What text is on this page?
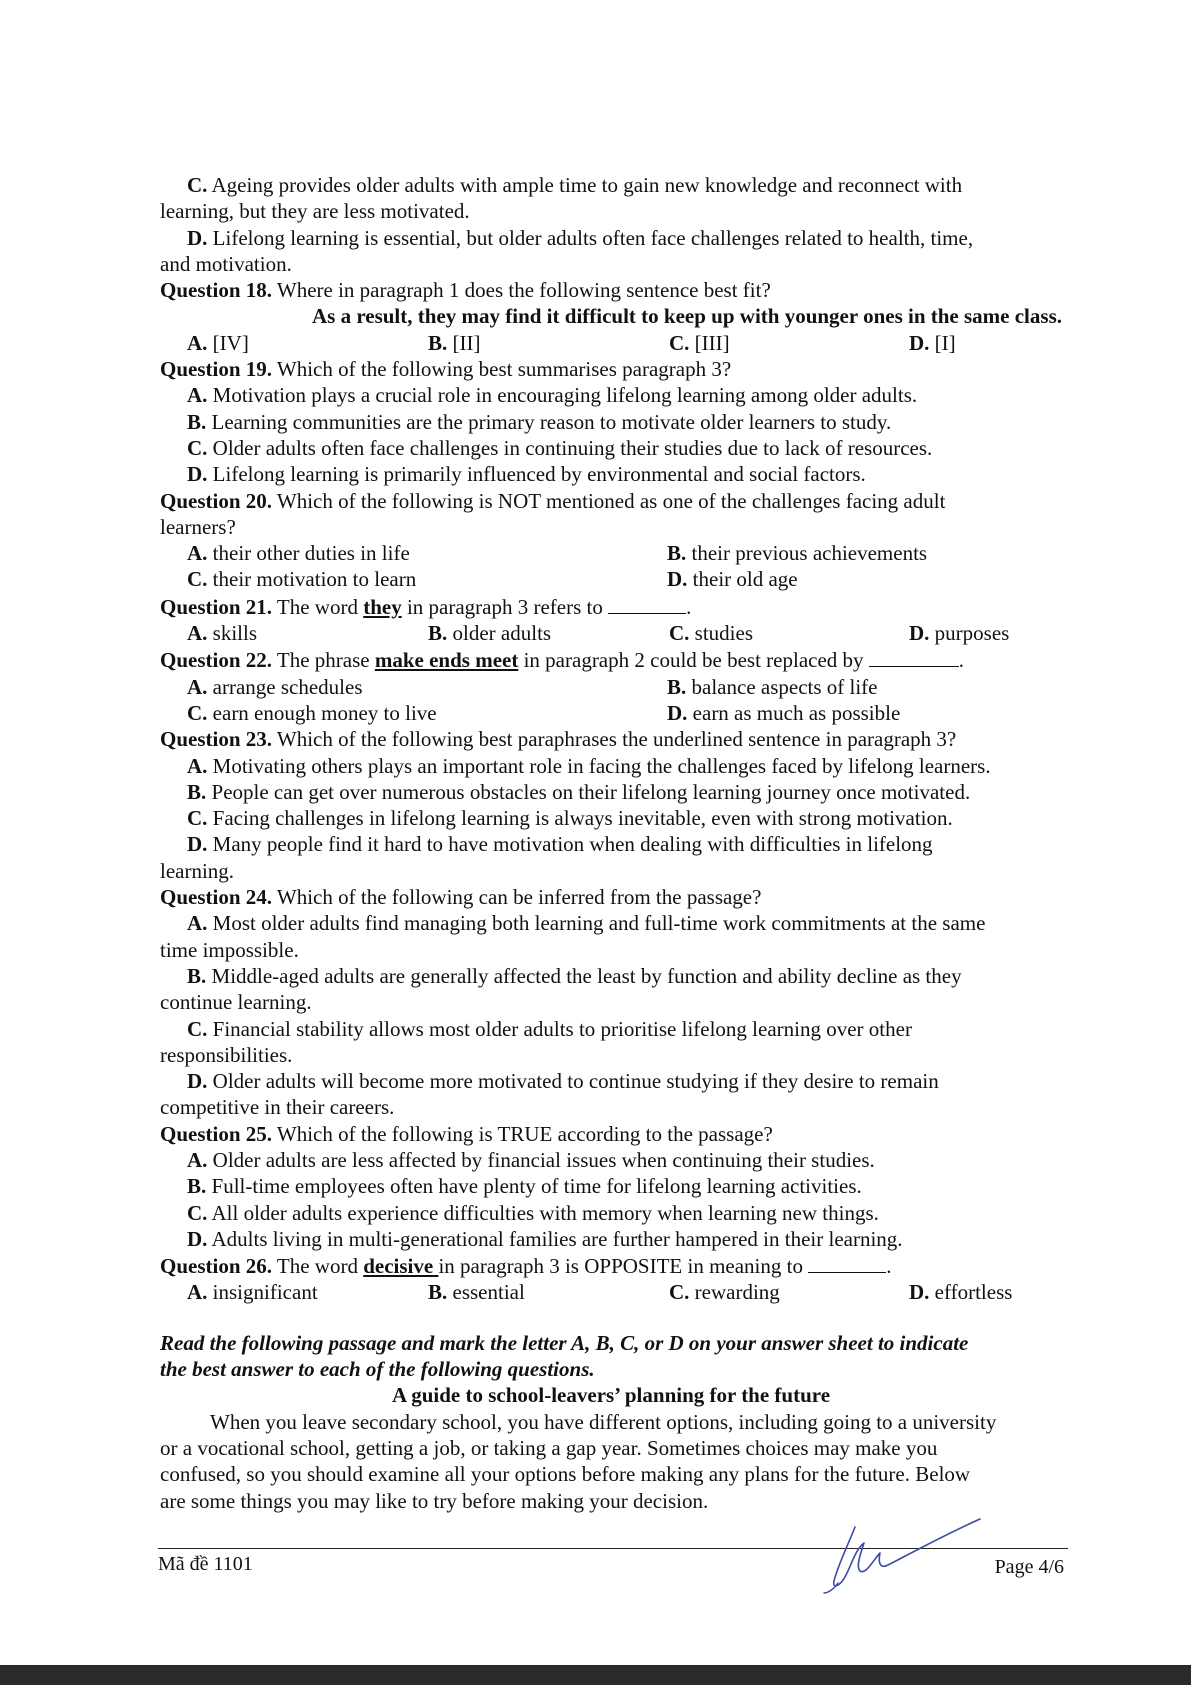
C. Ageing provides older adults with ample time to gain new knowledge and reconnect with
learning, but they are less motivated.
D. Lifelong learning is essential, but older adults often face challenges related to health, time,
and motivation.
Question 18. Where in paragraph 1 does the following sentence best fit?
As a result, they may find it difficult to keep up with younger ones in the same class.
A. [IV]	B. [II]	C. [III]	D. [I]
Question 19. Which of the following best summarises paragraph 3?
A. Motivation plays a crucial role in encouraging lifelong learning among older adults.
B. Learning communities are the primary reason to motivate older learners to study.
C. Older adults often face challenges in continuing their studies due to lack of resources.
D. Lifelong learning is primarily influenced by environmental and social factors.
Question 20. Which of the following is NOT mentioned as one of the challenges facing adult
learners?
A. their other duties in life	B. their previous achievements
C. their motivation to learn	D. their old age
Question 21. The word they in paragraph 3 refers to	.
A. skills	B. older adults	C. studies	D. purposes
Question 22. The phrase make ends meet in paragraph 2 could be best replaced by	.
A. arrange schedules	B. balance aspects of life
C. earn enough money to live	D. earn as much as possible
Question 23. Which of the following best paraphrases the underlined sentence in paragraph 3?
A. Motivating others plays an important role in facing the challenges faced by lifelong learners.
B. People can get over numerous obstacles on their lifelong learning journey once motivated.
C. Facing challenges in lifelong learning is always inevitable, even with strong motivation.
D. Many people find it hard to have motivation when dealing with difficulties in lifelong
learning.
Question 24. Which of the following can be inferred from the passage?
A. Most older adults find managing both learning and full-time work commitments at the same
time impossible.
B. Middle-aged adults are generally affected the least by function and ability decline as they
continue learning.
C. Financial stability allows most older adults to prioritise lifelong learning over other
responsibilities.
D. Older adults will become more motivated to continue studying if they desire to remain
competitive in their careers.
Question 25. Which of the following is TRUE according to the passage?
A. Older adults are less affected by financial issues when continuing their studies.
B. Full-time employees often have plenty of time for lifelong learning activities.
C. All older adults experience difficulties with memory when learning new things.
D. Adults living in multi-generational families are further hampered in their learning.
Question 26. The word decisive in paragraph 3 is OPPOSITE in meaning to	.
A. insignificant	B. essential	C. rewarding	D. effortless
Read the following passage and mark the letter A, B, C, or D on your answer sheet to indicate
the best answer to each of the following questions.
A guide to school-leavers’ planning for the future
When you leave secondary school, you have different options, including going to a university
or a vocational school, getting a job, or taking a gap year. Sometimes choices may make you
confused, so you should examine all your options before making any plans for the future. Below
are some things you may like to try before making your decision.
Mã đề 1101	Page 4/6
